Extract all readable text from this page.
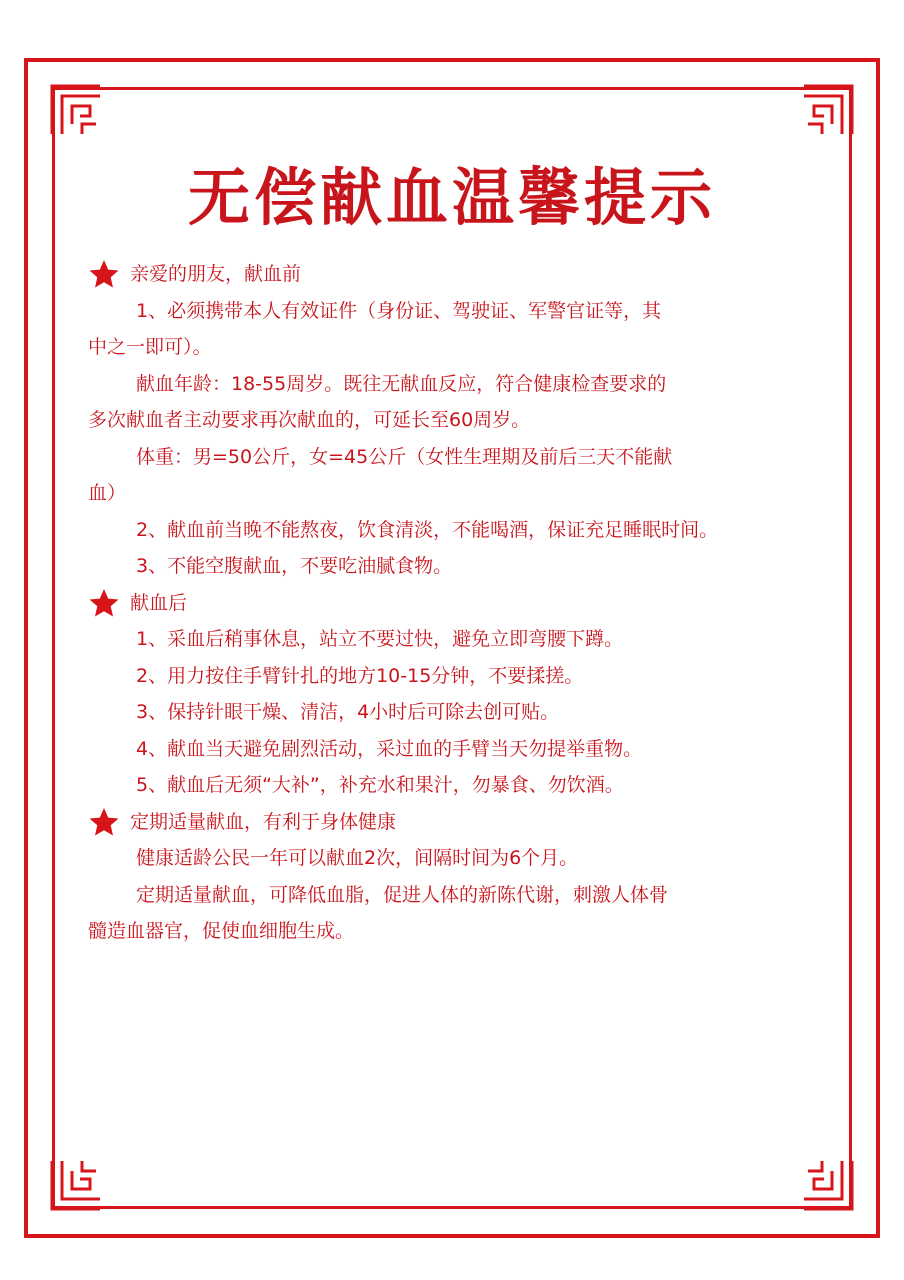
无偿献血温馨提示
亲爱的朋友，献血前
1、必须携带本人有效证件（身份证、驾驶证、军警官证等，其
中之一即可）。
献血年龄：18-55周岁。既往无献血反应，符合健康检查要求的
多次献血者主动要求再次献血的，可延长至60周岁。
体重：男=50公斤，女=45公斤（女性生理期及前后三天不能献
血）
2、献血前当晚不能熬夜，饮食清淡，不能喝酒，保证充足睡眠时间。
3、不能空腹献血，不要吃油腻食物。
献血后
1、采血后稍事休息，站立不要过快，避免立即弯腰下蹲。
2、用力按住手臂针扎的地方10-15分钟，不要揉搓。
3、保持针眼干燥、清洁，4小时后可除去创可贴。
4、献血当天避免剧烈活动，采过血的手臂当天勿提举重物。
5、献血后无须“大补”，补充水和果汁，勿暴食、勿饮酒。
定期适量献血，有利于身体健康
健康适龄公民一年可以献血2次，间隔时间为6个月。
定期适量献血，可降低血脂，促进人体的新陈代谢，刺激人体骨
髓造血器官，促使血细胞生成。
